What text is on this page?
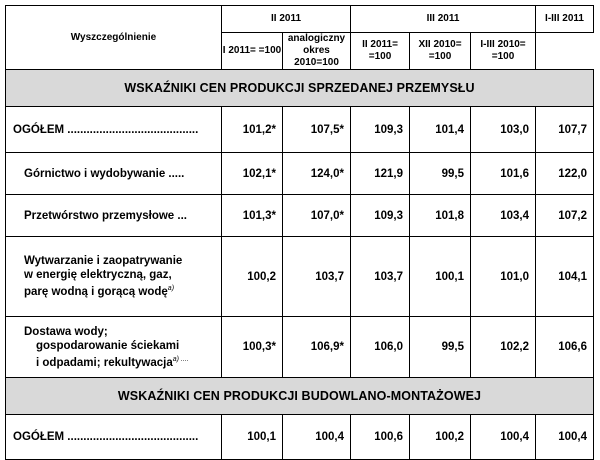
Wyszczególnienie	II 2011		III 2011			I-III 2011
	I 2011= =100	analogiczny okres 2010=100	II 2011= =100	XII 2010= =100	I-III 2010= =100	
WSKAŹNIKI CEN PRODUKCJI SPRZEDANEJ PRZEMYSŁU						
OGÓŁEM .........................................	101,2*	107,5*	109,3	101,4	103,0	107,7
Górnictwo i wydobywanie .....	102,1*	124,0*	121,9	99,5	101,6	122,0
Przetwórstwo przemysłowe ...	101,3*	107,0*	109,3	101,8	103,4	107,2

Wytwarzanie i zaopatrywanie
w energię elektryczną, gaz,
parę wodną i gorącą wodę$^{a)}$	100,2	103,7	103,7	100,1	101,0	104,1

Dostawa wody;
gospodarowanie ściekami
i odpadami; rekultywacja$^{a) ....}$	100,3*	106,9*	106,0	99,5	102,2	106,6
WSKAŹNIKI CEN PRODUKCJI BUDOWLANO-MONTAŻOWEJ						
OGÓŁEM .........................................	100,1	100,4	100,6	100,2	100,4	100,4
